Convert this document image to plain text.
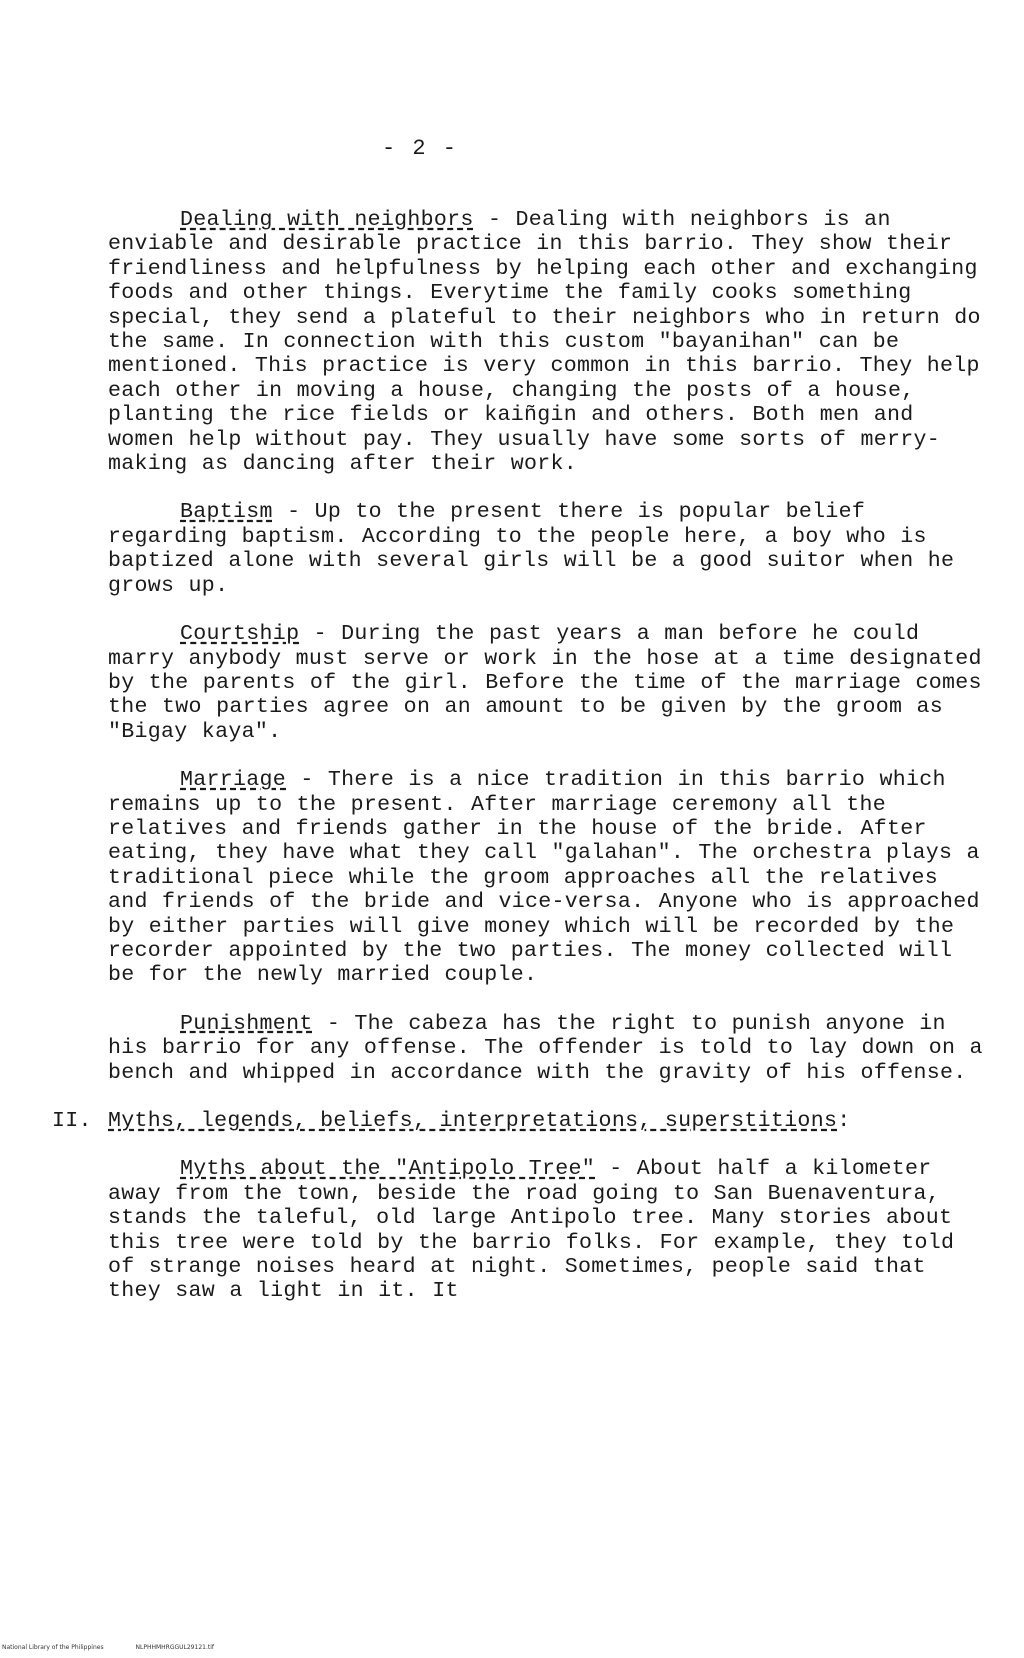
- 2 -

Dealing with neighbors - Dealing with neighbors is an enviable and desirable practice in this barrio. They show their friendliness and helpfulness by helping each other and exchanging foods and other things. Everytime the family cooks something special, they send a plateful to their neighbors who in return do the same. In connection with this custom "bayanihan" can be mentioned. This practice is very common in this barrio. They help each other in moving a house, changing the posts of a house, planting the rice fields or kaiñgin and others. Both men and women help without pay. They usually have some sorts of merry-making as dancing after their work.

Baptism - Up to the present there is popular belief regarding baptism. According to the people here, a boy who is baptized alone with several girls will be a good suitor when he grows up.

Courtship - During the past years a man before he could marry anybody must serve or work in the hose at a time designated by the parents of the girl. Before the time of the marriage comes the two parties agree on an amount to be given by the groom as "Bigay kaya".

Marriage - There is a nice tradition in this barrio which remains up to the present. After marriage ceremony all the relatives and friends gather in the house of the bride. After eating, they have what they call "galahan". The orchestra plays a traditional piece while the groom approaches all the relatives and friends of the bride and vice-versa. Anyone who is approached by either parties will give money which will be recorded by the recorder appointed by the two parties. The money collected will be for the newly married couple.

Punishment - The cabeza has the right to punish anyone in his barrio for any offense. The offender is told to lay down on a bench and whipped in accordance with the gravity of his offense.

II. Myths, legends, beliefs, interpretations, superstitions:

Myths about the "Antipolo Tree" - About half a kilometer away from the town, beside the road going to San Buenaventura, stands the taleful, old large Antipolo tree. Many stories about this tree were told by the barrio folks. For example, they told of strange noises heard at night. Sometimes, people said that they saw a light in it. It

National Library of the Philippines	NLPHHMHRGGUL29121.tif
